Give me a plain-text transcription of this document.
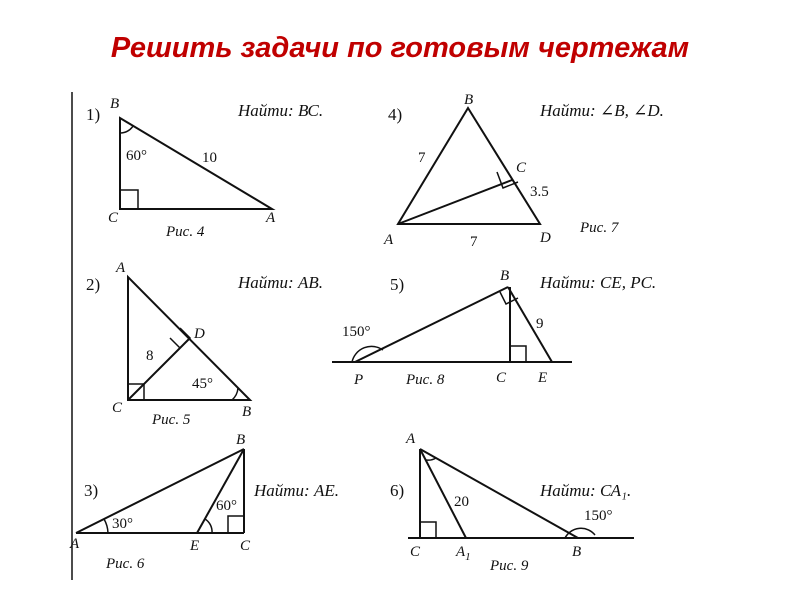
Решить задачи по готовым чертежам
1)	Найти: ВС.
B
C	A
60°	10
Рис. 4
2)	Найти: АВ.
A
C	B
D
8
45°
Рис. 5
3)	Найти: АЕ.
B
A	E	C
30°
60°
Рис. 6
4)	Найти: ∠B, ∠D.
B
C
A	D
7
3.5
7
Рис. 7
5)	Найти: СЕ, РС.
B
P	C E
150°	9
Рис. 8
6)	Найти: СА₁.
A
C $A_1$	B
20
150°
Рис. 9
